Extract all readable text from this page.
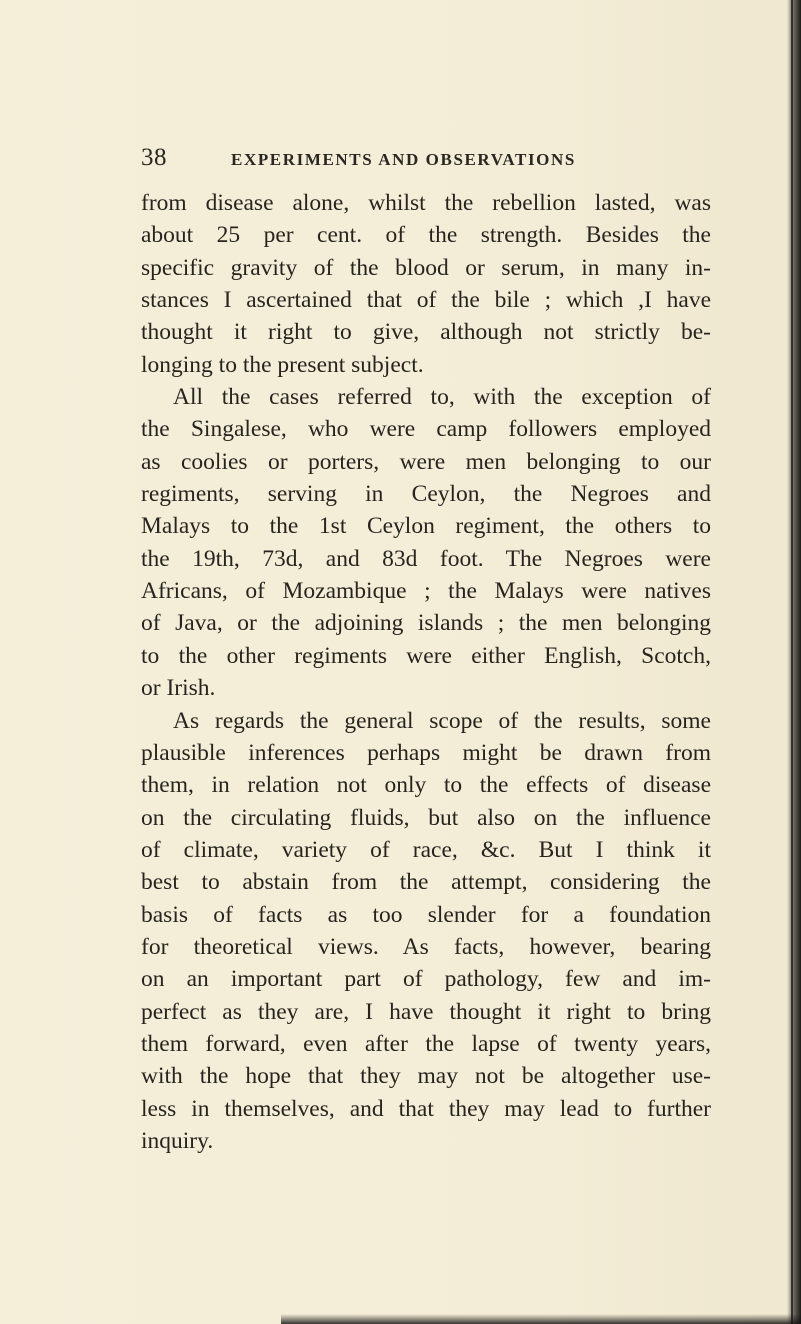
38	EXPERIMENTS AND OBSERVATIONS
from disease alone, whilst the rebellion lasted, was
about 25 per cent. of the strength. Besides the
specific gravity of the blood or serum, in many in-
stances I ascertained that of the bile ; which ,I have
thought it right to give, although not strictly be-
longing to the present subject.
All the cases referred to, with the exception of
the Singalese, who were camp followers employed
as coolies or porters, were men belonging to our
regiments, serving in Ceylon, the Negroes and
Malays to the 1st Ceylon regiment, the others to
the 19th, 73d, and 83d foot. The Negroes were
Africans, of Mozambique ; the Malays were natives
of Java, or the adjoining islands ; the men belonging
to the other regiments were either English, Scotch,
or Irish.
As regards the general scope of the results, some
plausible inferences perhaps might be drawn from
them, in relation not only to the effects of disease
on the circulating fluids, but also on the influence
of climate, variety of race, &c. But I think it
best to abstain from the attempt, considering the
basis of facts as too slender for a foundation
for theoretical views. As facts, however, bearing
on an important part of pathology, few and im-
perfect as they are, I have thought it right to bring
them forward, even after the lapse of twenty years,
with the hope that they may not be altogether use-
less in themselves, and that they may lead to further
inquiry.
